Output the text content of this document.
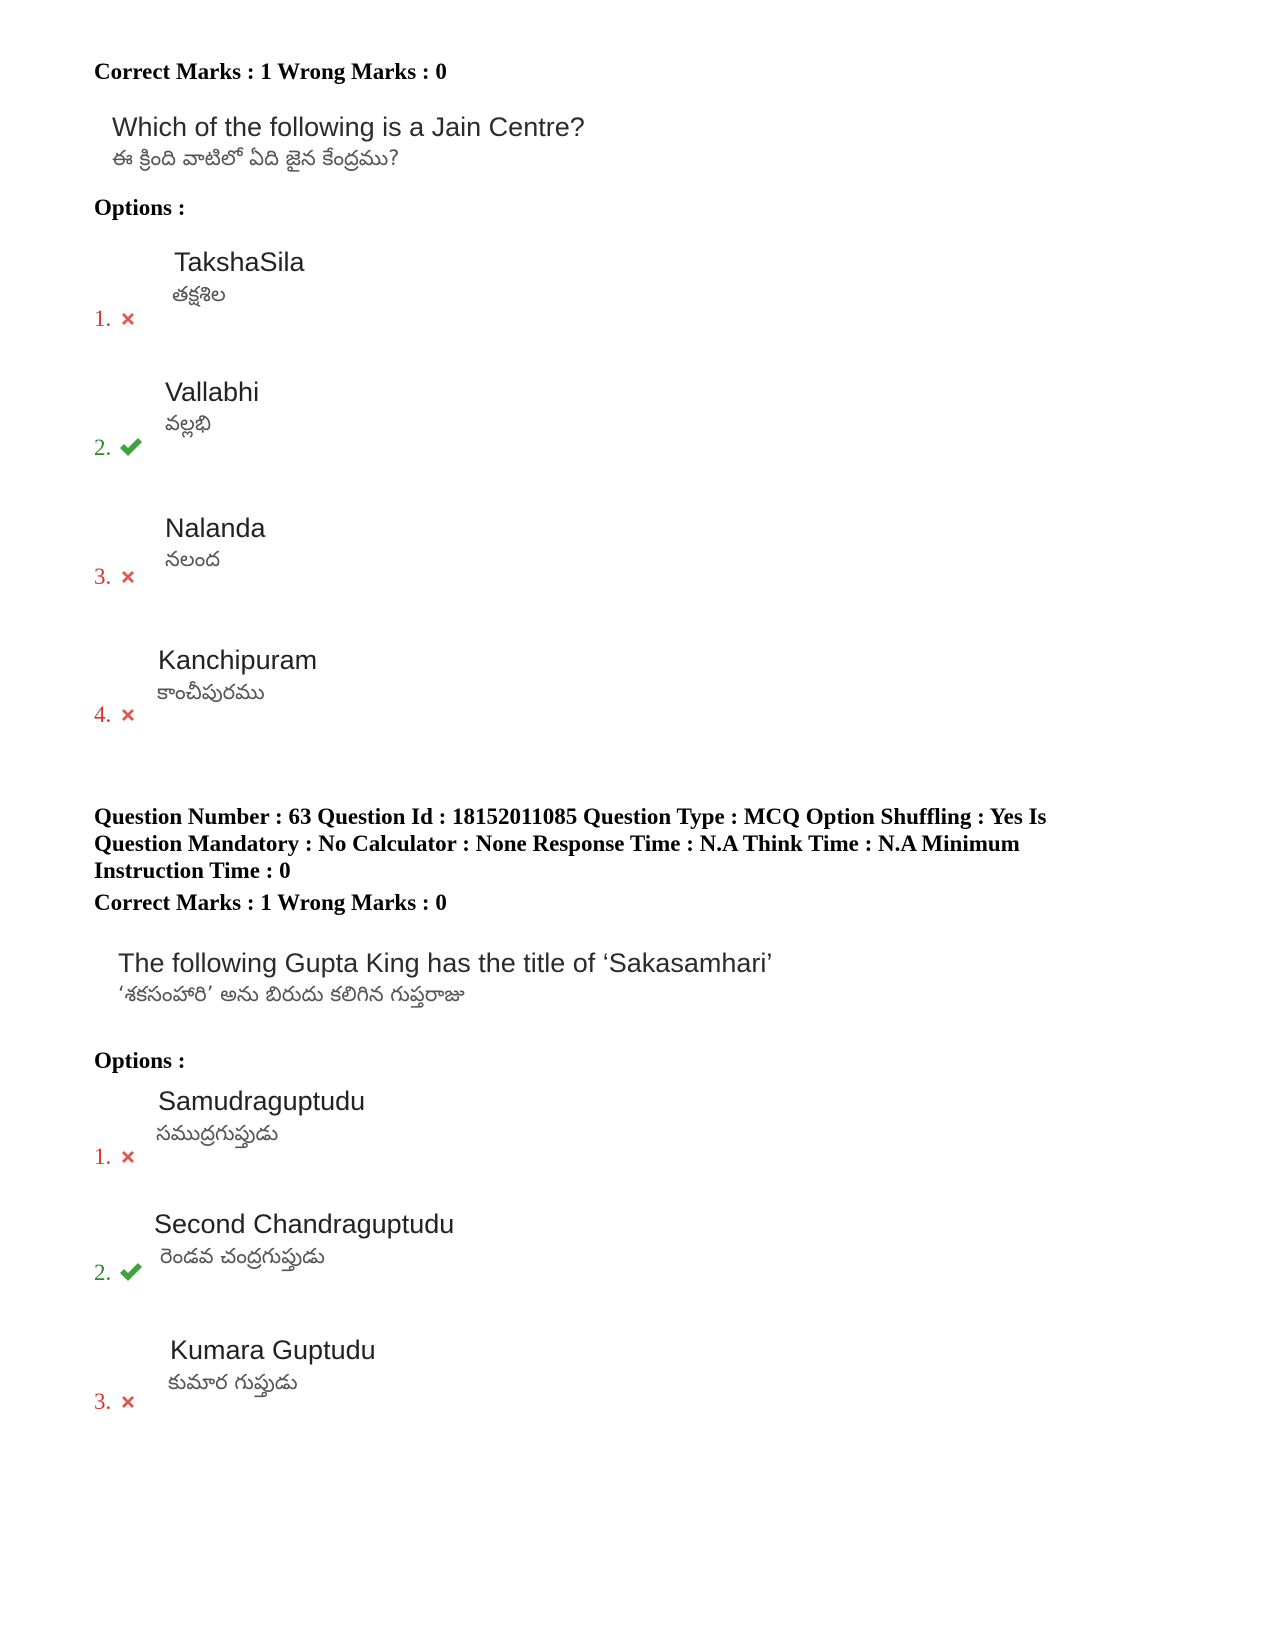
Correct Marks : 1 Wrong Marks : 0
Which of the following is a Jain Centre?
ఈ క్రింది వాటిలో ఏది జైన కేంద్రము?
Options :
TakshaSila
తక్షశిల
1.
Vallabhi
వల్లభి
2.
Nalanda
నలంద
3.
Kanchipuram
కాంచీపురము
4.
Question Number : 63 Question Id : 18152011085 Question Type : MCQ Option Shuffling : Yes Is
Question Mandatory : No Calculator : None Response Time : N.A Think Time : N.A Minimum
Instruction Time : 0
Correct Marks : 1 Wrong Marks : 0
The following Gupta King has the title of ‘Sakasamhari’
‘శకసంహారి’ అను బిరుదు కలిగిన గుప్తరాజు
Options :
Samudraguptudu
సముద్రగుప్తుడు
1.
Second Chandraguptudu
రెండవ చంద్రగుప్తుడు
2.
Kumara Guptudu
కుమార గుప్తుడు
3.
